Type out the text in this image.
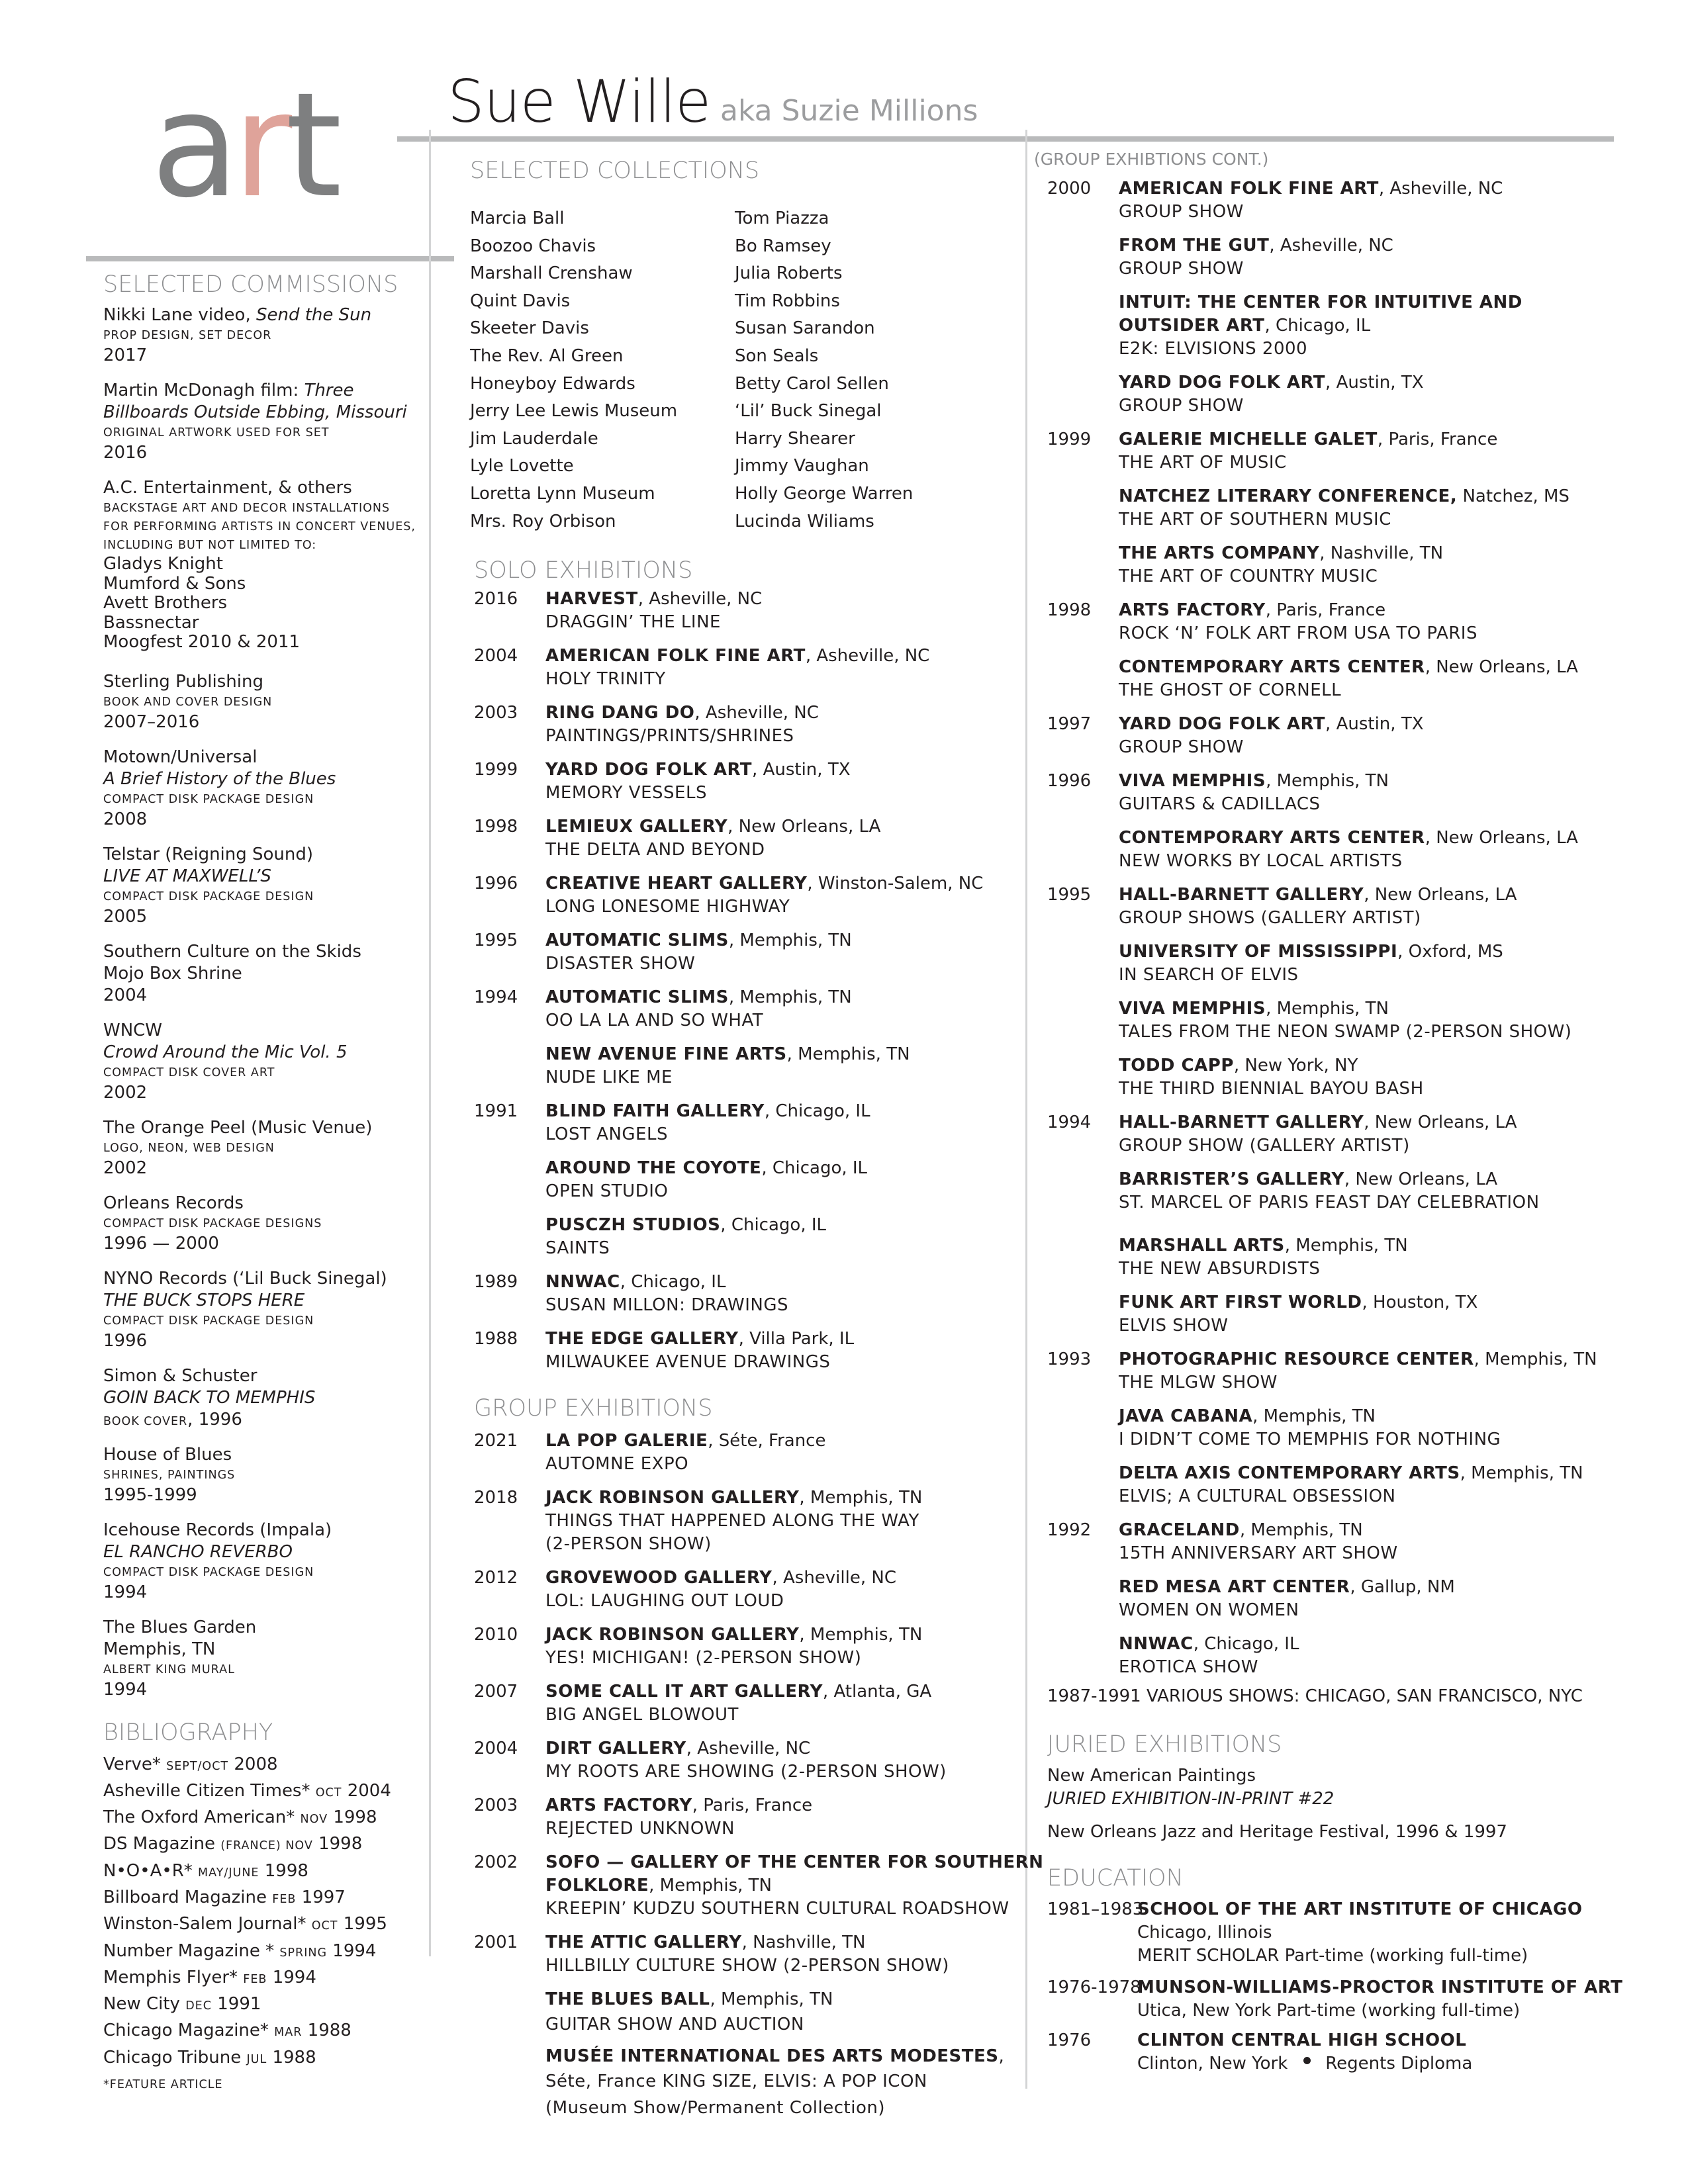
art Sue Wille aka Suzie Millions
SELECTED COMMISSIONS
Nikki Lane video, Send the Sun
PROP DESIGN, SET DECOR
2017
Martin McDonagh film: Three
Billboards Outside Ebbing, Missouri
ORIGINAL ARTWORK USED FOR SET
2016
A.C. Entertainment, & others
BACKSTAGE ART AND DECOR INSTALLATIONS
FOR PERFORMING ARTISTS IN CONCERT VENUES,
INCLUDING BUT NOT LIMITED TO:
Gladys Knight
Mumford & Sons
Avett Brothers
Bassnectar
Moogfest 2010 & 2011
Sterling Publishing
BOOK AND COVER DESIGN
2007–2016
Motown/Universal
A Brief History of the Blues
COMPACT DISK PACKAGE DESIGN
2008
Telstar (Reigning Sound)
LIVE AT MAXWELL’S
COMPACT DISK PACKAGE DESIGN
2005
Southern Culture on the Skids
Mojo Box Shrine
2004
WNCW
Crowd Around the Mic Vol. 5
COMPACT DISK COVER ART
2002
The Orange Peel (Music Venue)
LOGO, NEON, WEB DESIGN
2002
Orleans Records
COMPACT DISK PACKAGE DESIGNS
1996 — 2000
NYNO Records (‘Lil Buck Sinegal)
THE BUCK STOPS HERE
COMPACT DISK PACKAGE DESIGN
1996
Simon & Schuster
GOIN BACK TO MEMPHIS
BOOK COVER, 1996
House of Blues
SHRINES, PAINTINGS
1995-1999
Icehouse Records (Impala)
EL RANCHO REVERBO
COMPACT DISK PACKAGE DESIGN
1994
The Blues Garden
Memphis, TN
ALBERT KING MURAL
1994
BIBLIOGRAPHY
Verve* SEPT/OCT 2008
Asheville Citizen Times* OCT 2004
The Oxford American* NOV 1998
DS Magazine (FRANCE) NOV 1998
N•O•A•R* MAY/JUNE 1998
Billboard Magazine FEB 1997
Winston-Salem Journal* OCT 1995
Number Magazine * SPRING 1994
Memphis Flyer* FEB 1994
New City DEC 1991
Chicago Magazine* MAR 1988
Chicago Tribune JUL 1988
*FEATURE ARTICLE
SELECTED COLLECTIONS
Marcia Ball
Boozoo Chavis
Marshall Crenshaw
Quint Davis
Skeeter Davis
The Rev. Al Green
Honeyboy Edwards
Jerry Lee Lewis Museum
Jim Lauderdale
Lyle Lovette
Loretta Lynn Museum
Mrs. Roy Orbison
Tom Piazza
Bo Ramsey
Julia Roberts
Tim Robbins
Susan Sarandon
Son Seals
Betty Carol Sellen
‘Lil’ Buck Sinegal
Harry Shearer
Jimmy Vaughan
Holly George Warren
Lucinda Wiliams
SOLO EXHIBITIONS
2016 HARVEST, Asheville, NC
DRAGGIN’ THE LINE
2004 AMERICAN FOLK FINE ART, Asheville, NC
HOLY TRINITY
2003 RING DANG DO, Asheville, NC
PAINTINGS/PRINTS/SHRINES
1999 YARD DOG FOLK ART, Austin, TX
MEMORY VESSELS
1998 LEMIEUX GALLERY, New Orleans, LA
THE DELTA AND BEYOND
1996 CREATIVE HEART GALLERY, Winston-Salem, NC
LONG LONESOME HIGHWAY
1995 AUTOMATIC SLIMS, Memphis, TN
DISASTER SHOW
1994 AUTOMATIC SLIMS, Memphis, TN
OO LA LA AND SO WHAT
NEW AVENUE FINE ARTS, Memphis, TN
NUDE LIKE ME
1991 BLIND FAITH GALLERY, Chicago, IL
LOST ANGELS
AROUND THE COYOTE, Chicago, IL
OPEN STUDIO
PUSCZH STUDIOS, Chicago, IL
SAINTS
1989 NNWAC, Chicago, IL
SUSAN MILLON: DRAWINGS
1988 THE EDGE GALLERY, Villa Park, IL
MILWAUKEE AVENUE DRAWINGS
GROUP EXHIBITIONS
2021 LA POP GALERIE, Séte, France
AUTOMNE EXPO
2018 JACK ROBINSON GALLERY, Memphis, TN
THINGS THAT HAPPENED ALONG THE WAY
(2-PERSON SHOW)
2012 GROVEWOOD GALLERY, Asheville, NC
LOL: LAUGHING OUT LOUD
2010 JACK ROBINSON GALLERY, Memphis, TN
YES! MICHIGAN! (2-PERSON SHOW)
2007 SOME CALL IT ART GALLERY, Atlanta, GA
BIG ANGEL BLOWOUT
2004 DIRT GALLERY, Asheville, NC
MY ROOTS ARE SHOWING (2-PERSON SHOW)
2003 ARTS FACTORY, Paris, France
REJECTED UNKNOWN
2002 SOFO — GALLERY OF THE CENTER FOR SOUTHERN
FOLKLORE, Memphis, TN
KREEPIN’ KUDZU SOUTHERN CULTURAL ROADSHOW
2001 THE ATTIC GALLERY, Nashville, TN
HILLBILLY CULTURE SHOW (2-PERSON SHOW)
THE BLUES BALL, Memphis, TN
GUITAR SHOW AND AUCTION
MUSÉE INTERNATIONAL DES ARTS MODESTES,
Séte, France KING SIZE, ELVIS: A POP ICON
(Museum Show/Permanent Collection)
(GROUP EXHIBTIONS CONT.)
2000 AMERICAN FOLK FINE ART, Asheville, NC
GROUP SHOW
FROM THE GUT, Asheville, NC
GROUP SHOW
INTUIT: THE CENTER FOR INTUITIVE AND
OUTSIDER ART, Chicago, IL
E2K: ELVISIONS 2000
YARD DOG FOLK ART, Austin, TX
GROUP SHOW
1999 GALERIE MICHELLE GALET, Paris, France
THE ART OF MUSIC
NATCHEZ LITERARY CONFERENCE, Natchez, MS
THE ART OF SOUTHERN MUSIC
THE ARTS COMPANY, Nashville, TN
THE ART OF COUNTRY MUSIC
1998 ARTS FACTORY, Paris, France
ROCK ‘N’ FOLK ART FROM USA TO PARIS
CONTEMPORARY ARTS CENTER, New Orleans, LA
THE GHOST OF CORNELL
1997 YARD DOG FOLK ART, Austin, TX
GROUP SHOW
1996 VIVA MEMPHIS, Memphis, TN
GUITARS & CADILLACS
CONTEMPORARY ARTS CENTER, New Orleans, LA
NEW WORKS BY LOCAL ARTISTS
1995 HALL-BARNETT GALLERY, New Orleans, LA
GROUP SHOWS (GALLERY ARTIST)
UNIVERSITY OF MISSISSIPPI, Oxford, MS
IN SEARCH OF ELVIS
VIVA MEMPHIS, Memphis, TN
TALES FROM THE NEON SWAMP (2-PERSON SHOW)
TODD CAPP, New York, NY
THE THIRD BIENNIAL BAYOU BASH
1994 HALL-BARNETT GALLERY, New Orleans, LA
GROUP SHOW (GALLERY ARTIST)
BARRISTER’S GALLERY, New Orleans, LA
ST. MARCEL OF PARIS FEAST DAY CELEBRATION
MARSHALL ARTS, Memphis, TN
THE NEW ABSURDISTS
FUNK ART FIRST WORLD, Houston, TX
ELVIS SHOW
1993 PHOTOGRAPHIC RESOURCE CENTER, Memphis, TN
THE MLGW SHOW
JAVA CABANA, Memphis, TN
I DIDN’T COME TO MEMPHIS FOR NOTHING
DELTA AXIS CONTEMPORARY ARTS, Memphis, TN
ELVIS; A CULTURAL OBSESSION
1992 GRACELAND, Memphis, TN
15TH ANNIVERSARY ART SHOW
RED MESA ART CENTER, Gallup, NM
WOMEN ON WOMEN
NNWAC, Chicago, IL
EROTICA SHOW
1987-1991 VARIOUS SHOWS: CHICAGO, SAN FRANCISCO, NYC
JURIED EXHIBITIONS
New American Paintings
JURIED EXHIBITION-IN-PRINT #22
New Orleans Jazz and Heritage Festival, 1996 & 1997
EDUCATION
1981–1983
SCHOOL OF THE ART INSTITUTE OF CHICAGO
Chicago, Illinois
MERIT SCHOLAR Part-time (working full-time)
1976-1978
MUNSON-WILLIAMS-PROCTOR INSTITUTE OF ART
Utica, New York Part-time (working full-time)
1976	CLINTON CENTRAL HIGH SCHOOL
Clinton, New York Regents Diploma
